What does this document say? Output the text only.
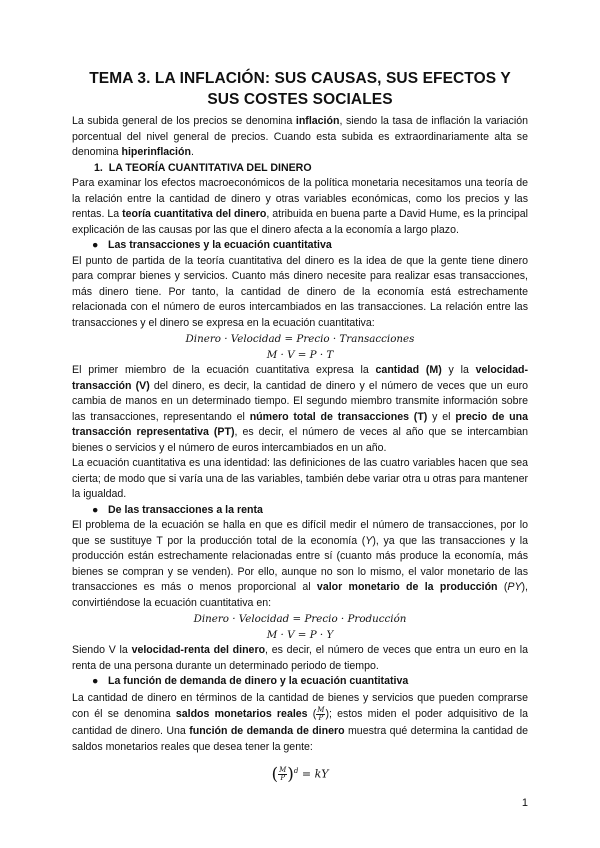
TEMA 3. LA INFLACIÓN: SUS CAUSAS, SUS EFECTOS Y SUS COSTES SOCIALES

La subida general de los precios se denomina inflación, siendo la tasa de inflación la variación porcentual del nivel general de precios. Cuando esta subida es extraordinariamente alta se denomina hiperinflación.

1. LA TEORÍA CUANTITATIVA DEL DINERO

Para examinar los efectos macroeconómicos de la política monetaria necesitamos una teoría de la relación entre la cantidad de dinero y otras variables económicas, como los precios y las rentas. La teoría cuantitativa del dinero, atribuida en buena parte a David Hume, es la principal explicación de las causas por las que el dinero afecta a la economía a largo plazo.

● Las transacciones y la ecuación cuantitativa

El punto de partida de la teoría cuantitativa del dinero es la idea de que la gente tiene dinero para comprar bienes y servicios. Cuanto más dinero necesite para realizar esas transacciones, más dinero tiene. Por tanto, la cantidad de dinero de la economía está estrechamente relacionada con el número de euros intercambiados en las transacciones. La relación entre las transacciones y el dinero se expresa en la ecuación cuantitativa:

Dinero · Velocidad = Precio · Transacciones
M · V = P · T

El primer miembro de la ecuación cuantitativa expresa la cantidad (M) y la velocidad-transacción (V) del dinero, es decir, la cantidad de dinero y el número de veces que un euro cambia de manos en un determinado tiempo. El segundo miembro transmite información sobre las transacciones, representando el número total de transacciones (T) y el precio de una transacción representativa (PT), es decir, el número de veces al año que se intercambian bienes o servicios y el número de euros intercambiados en un año.

La ecuación cuantitativa es una identidad: las definiciones de las cuatro variables hacen que sea cierta; de modo que si varía una de las variables, también debe variar otra u otras para mantener la igualdad.

● De las transacciones a la renta

El problema de la ecuación se halla en que es difícil medir el número de transacciones, por lo que se sustituye T por la producción total de la economía (Y), ya que las transacciones y la producción están estrechamente relacionadas entre sí (cuanto más produce la economía, más bienes se compran y se venden). Por ello, aunque no son lo mismo, el valor monetario de las transacciones es más o menos proporcional al valor monetario de la producción (PY), convirtiéndose la ecuación cuantitativa en:

Dinero · Velocidad = Precio · Producción
M · V = P · Y

Siendo V la velocidad-renta del dinero, es decir, el número de veces que entra un euro en la renta de una persona durante un determinado periodo de tiempo.

● La función de demanda de dinero y la ecuación cuantitativa

La cantidad de dinero en términos de la cantidad de bienes y servicios que pueden comprarse con él se denomina saldos monetarios reales ( $\frac{M}{P}$ ); estos miden el poder adquisitivo de la cantidad de dinero. Una función de demanda de dinero muestra qué determina la cantidad de saldos monetarios reales que desea tener la gente:

( $\frac{M}{P} )^d$ = kY
1
